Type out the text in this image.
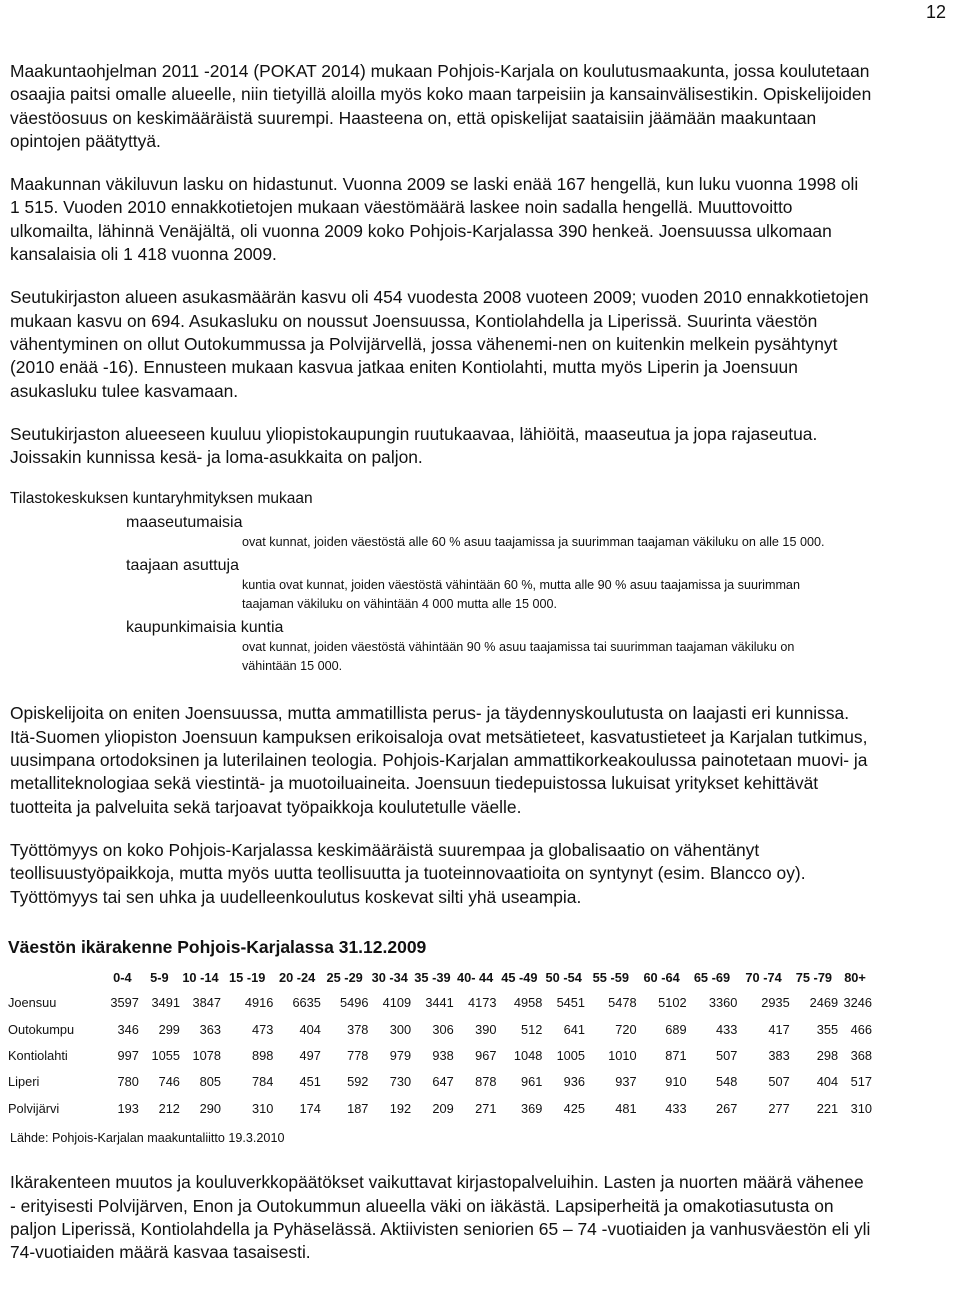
12

Maakuntaohjelman 2011 -2014 (POKAT 2014) mukaan Pohjois-Karjala on koulutusmaakunta, jossa koulutetaan osaajia paitsi omalle alueelle, niin tietyillä aloilla myös koko maan tarpeisiin ja kansainvälisestikin. Opiskelijoiden väestöosuus on keskimääräistä suurempi. Haasteena on, että opiskelijat saataisiin jäämään maakuntaan opintojen päätyttyä.

Maakunnan väkiluvun lasku on hidastunut. Vuonna 2009 se laski enää 167 hengellä, kun luku vuonna 1998 oli 1 515. Vuoden 2010 ennakkotietojen mukaan väestömäärä laskee noin sadalla hengellä. Muuttovoitto ulkomailta, lähinnä Venäjältä, oli vuonna 2009 koko Pohjois-Karjalassa 390 henkeä. Joensuussa ulkomaan kansalaisia oli 1 418 vuonna 2009.

Seutukirjaston alueen asukasmäärän kasvu oli 454 vuodesta 2008 vuoteen 2009; vuoden 2010 ennakkotietojen mukaan kasvu on 694. Asukasluku on noussut Joensuussa, Kontiolahdella ja Liperissä. Suurinta väestön vähentyminen on ollut Outokummussa ja Polvijärvellä, jossa vähenemi-nen on kuitenkin melkein pysähtynyt (2010 enää -16). Ennusteen mukaan kasvua jatkaa eniten Kontiolahti, mutta myös Liperin ja Joensuun asukasluku tulee kasvamaan.

Seutukirjaston alueeseen kuuluu yliopistokaupungin ruutukaavaa, lähiöitä, maaseutua ja jopa rajaseutua. Joissakin kunnissa kesä- ja loma-asukkaita on paljon.

Tilastokeskuksen kuntaryhmityksen mukaan
maaseutumaisia
ovat kunnat, joiden väestöstä alle 60 % asuu taajamissa ja suurimman taajaman väkiluku on alle 15 000.
taajaan asuttuja
kuntia ovat kunnat, joiden väestöstä vähintään 60 %, mutta alle 90 % asuu taajamissa ja suurimman taajaman väkiluku on vähintään 4 000 mutta alle 15 000.
kaupunkimaisia kuntia
ovat kunnat, joiden väestöstä vähintään 90 % asuu taajamissa tai suurimman taajaman väkiluku on vähintään 15 000.

Opiskelijoita on eniten Joensuussa, mutta ammatillista perus- ja täydennyskoulutusta on laajasti eri kunnissa. Itä-Suomen yliopiston Joensuun kampuksen erikoisaloja ovat metsätieteet, kasvatustieteet ja Karjalan tutkimus, uusimpana ortodoksinen ja luterilainen teologia. Pohjois-Karjalan ammattikorkeakoulussa painotetaan muovi- ja metalliteknologiaa sekä viestintä- ja muotoiluaineita. Joensuun tiedepuistossa lukuisat yritykset kehittävät tuotteita ja palveluita sekä tarjoavat työpaikkoja koulutetulle väelle.

Työttömyys on koko Pohjois-Karjalassa keskimääräistä suurempaa ja globalisaatio on vähentänyt teollisuustyöpaikkoja, mutta myös uutta teollisuutta ja tuoteinnovaatioita on syntynyt (esim. Blancco oy). Työttömyys tai sen uhka ja uudelleenkoulutus koskevat silti yhä useampia.

Väestön ikärakenne Pohjois-Karjalassa 31.12.2009
	0-4	5-9	10 -14	15 -19	20 -24	25 -29	30 -34	35 -39	40- 44	45 -49	50 -54	55 -59	60 -64	65 -69	70 -74	75 -79	80+
Joensuu	3597	3491	3847	4916	6635	5496	4109	3441	4173	4958	5451	5478	5102	3360	2935	2469	3246
Outokumpu	346	299	363	473	404	378	300	306	390	512	641	720	689	433	417	355	466
Kontiolahti	997	1055	1078	898	497	778	979	938	967	1048	1005	1010	871	507	383	298	368
Liperi	780	746	805	784	451	592	730	647	878	961	936	937	910	548	507	404	517
Polvijärvi	193	212	290	310	174	187	192	209	271	369	425	481	433	267	277	221	310
Lähde: Pohjois-Karjalan maakuntaliitto 19.3.2010

Ikärakenteen muutos ja kouluverkkopäätökset vaikuttavat kirjastopalveluihin. Lasten ja nuorten määrä vähenee - erityisesti Polvijärven, Enon ja Outokummun alueella väki on iäkästä. Lapsiperheitä ja omakotiasutusta on paljon Liperissä, Kontiolahdella ja Pyhäselässä. Aktiivisten seniorien 65 – 74 -vuotiaiden ja vanhusväestön eli yli 74-vuotiaiden määrä kasvaa tasaisesti.
